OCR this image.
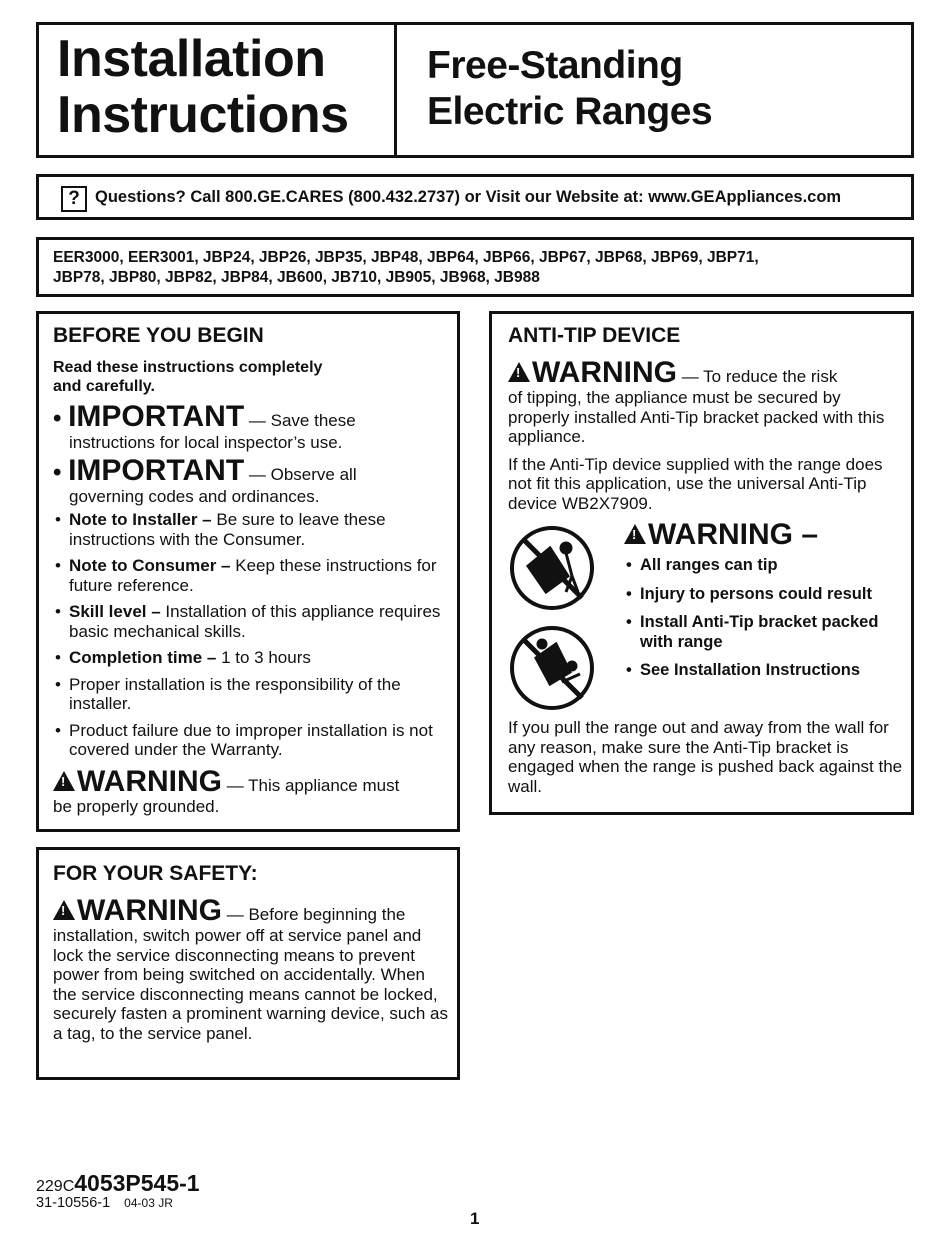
Installation
Instructions
Free-Standing
Electric Ranges
? Questions? Call 800.GE.CARES (800.432.2737) or Visit our Website at: www.GEAppliances.com
EER3000, EER3001, JBP24, JBP26, JBP35, JBP48, JBP64, JBP66, JBP67, JBP68, JBP69, JBP71,
JBP78, JBP80, JBP82, JBP84, JB600, JB710, JB905, JB968, JB988
BEFORE YOU BEGIN
Read these instructions completely
and carefully.
• IMPORTANT — Save these
instructions for local inspector’s use.
• IMPORTANT — Observe all
governing codes and ordinances.
• Note to Installer – Be sure to leave these instructions with the Consumer.
• Note to Consumer – Keep these instructions for future reference.
• Skill level – Installation of this appliance requires basic mechanical skills.
• Completion time – 1 to 3 hours
• Proper installation is the responsibility of the installer.
• Product failure due to improper installation is not covered under the Warranty.
!WARNING — This appliance must
be properly grounded.
FOR YOUR SAFETY:
!WARNING — Before beginning the
installation, switch power off at service panel and lock the service disconnecting means to prevent power from being switched on accidentally. When the service disconnecting means cannot be locked, securely fasten a prominent warning device, such as a tag, to the service panel.
ANTI-TIP DEVICE
!WARNING — To reduce the risk
of tipping, the appliance must be secured by properly installed Anti-Tip bracket packed with this appliance.
If the Anti-Tip device supplied with the range does not fit this application, use the universal Anti-Tip device WB2X7909.
!WARNING –
• All ranges can tip
• Injury to persons could result
• Install Anti-Tip bracket packed with range
• See Installation Instructions
If you pull the range out and away from the wall for any reason, make sure the Anti-Tip bracket is engaged when the range is pushed back against the wall.
229C4053P545-1
31-10556-1 04-03 JR
1
